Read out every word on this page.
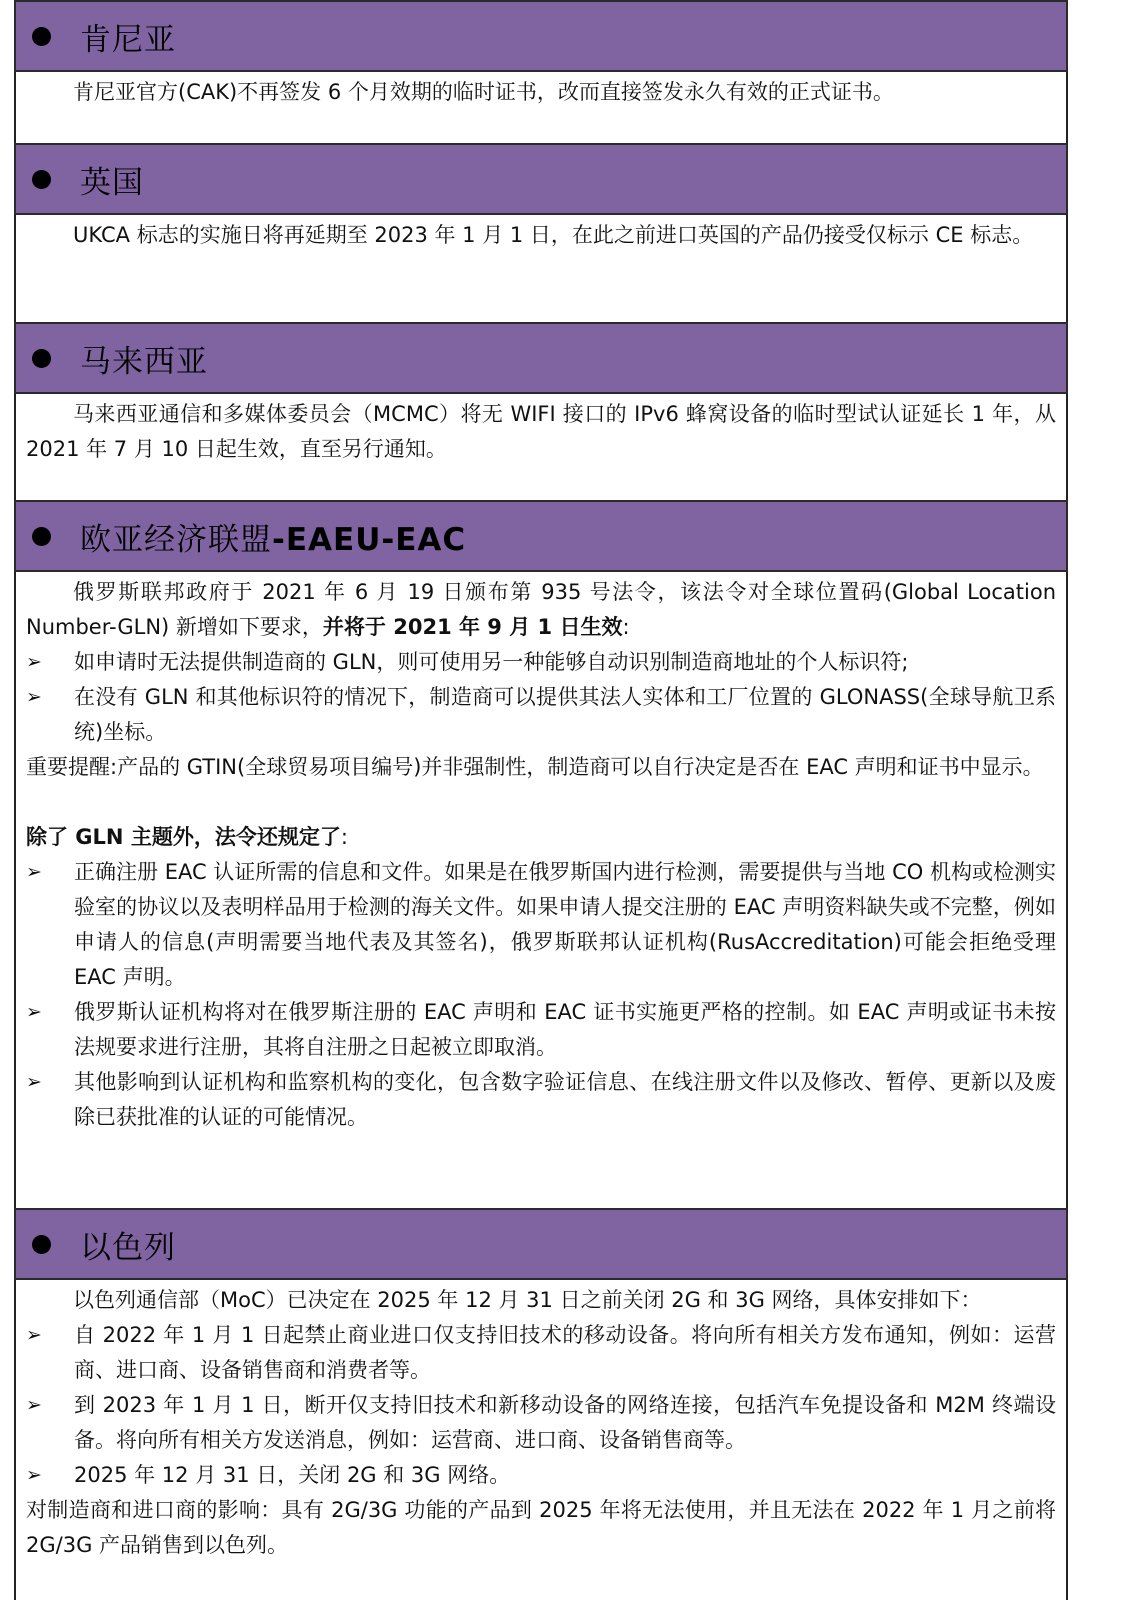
肯尼亚

肯尼亚官方(CAK)不再签发 6 个月效期的临时证书，改而直接签发永久有效的正式证书。

英国

UKCA 标志的实施日将再延期至 2023 年 1 月 1 日，在此之前进口英国的产品仍接受仅标示 CE 标志。

马来西亚

马来西亚通信和多媒体委员会（MCMC）将无 WIFI 接口的 IPv6 蜂窝设备的临时型试认证延长 1 年，从 2021 年 7 月 10 日起生效，直至另行通知。

欧亚经济联盟-EAEU-EAC

俄罗斯联邦政府于 2021 年 6 月 19 日颁布第 935 号法令，该法令对全球位置码(Global Location Number-GLN) 新增如下要求，并将于 2021 年 9 月 1 日生效:

➢ 如申请时无法提供制造商的 GLN，则可使用另一种能够自动识别制造商地址的个人标识符;
➢ 在没有 GLN 和其他标识符的情况下，制造商可以提供其法人实体和工厂位置的 GLONASS(全球导航卫系统)坐标。

重要提醒:产品的 GTIN(全球贸易项目编号)并非强制性，制造商可以自行决定是否在 EAC 声明和证书中显示。

除了 GLN 主题外，法令还规定了:

➢ 正确注册 EAC 认证所需的信息和文件。如果是在俄罗斯国内进行检测，需要提供与当地 CO 机构或检测实验室的协议以及表明样品用于检测的海关文件。如果申请人提交注册的 EAC 声明资料缺失或不完整，例如申请人的信息(声明需要当地代表及其签名)，俄罗斯联邦认证机构(RusAccreditation)可能会拒绝受理 EAC 声明。
➢ 俄罗斯认证机构将对在俄罗斯注册的 EAC 声明和 EAC 证书实施更严格的控制。如 EAC 声明或证书未按法规要求进行注册，其将自注册之日起被立即取消。
➢ 其他影响到认证机构和监察机构的变化，包含数字验证信息、在线注册文件以及修改、暂停、更新以及废除已获批准的认证的可能情况。
以色列

以色列通信部（MoC）已决定在 2025 年 12 月 31 日之前关闭 2G 和 3G 网络，具体安排如下：

➢ 自 2022 年 1 月 1 日起禁止商业进口仅支持旧技术的移动设备。将向所有相关方发布通知，例如：运营商、进口商、设备销售商和消费者等。
➢ 到 2023 年 1 月 1 日，断开仅支持旧技术和新移动设备的网络连接，包括汽车免提设备和 M2M 终端设备。将向所有相关方发送消息，例如：运营商、进口商、设备销售商等。
➢ 2025 年 12 月 31 日，关闭 2G 和 3G 网络。

对制造商和进口商的影响：具有 2G/3G 功能的产品到 2025 年将无法使用，并且无法在 2022 年 1 月之前将 2G/3G 产品销售到以色列。
